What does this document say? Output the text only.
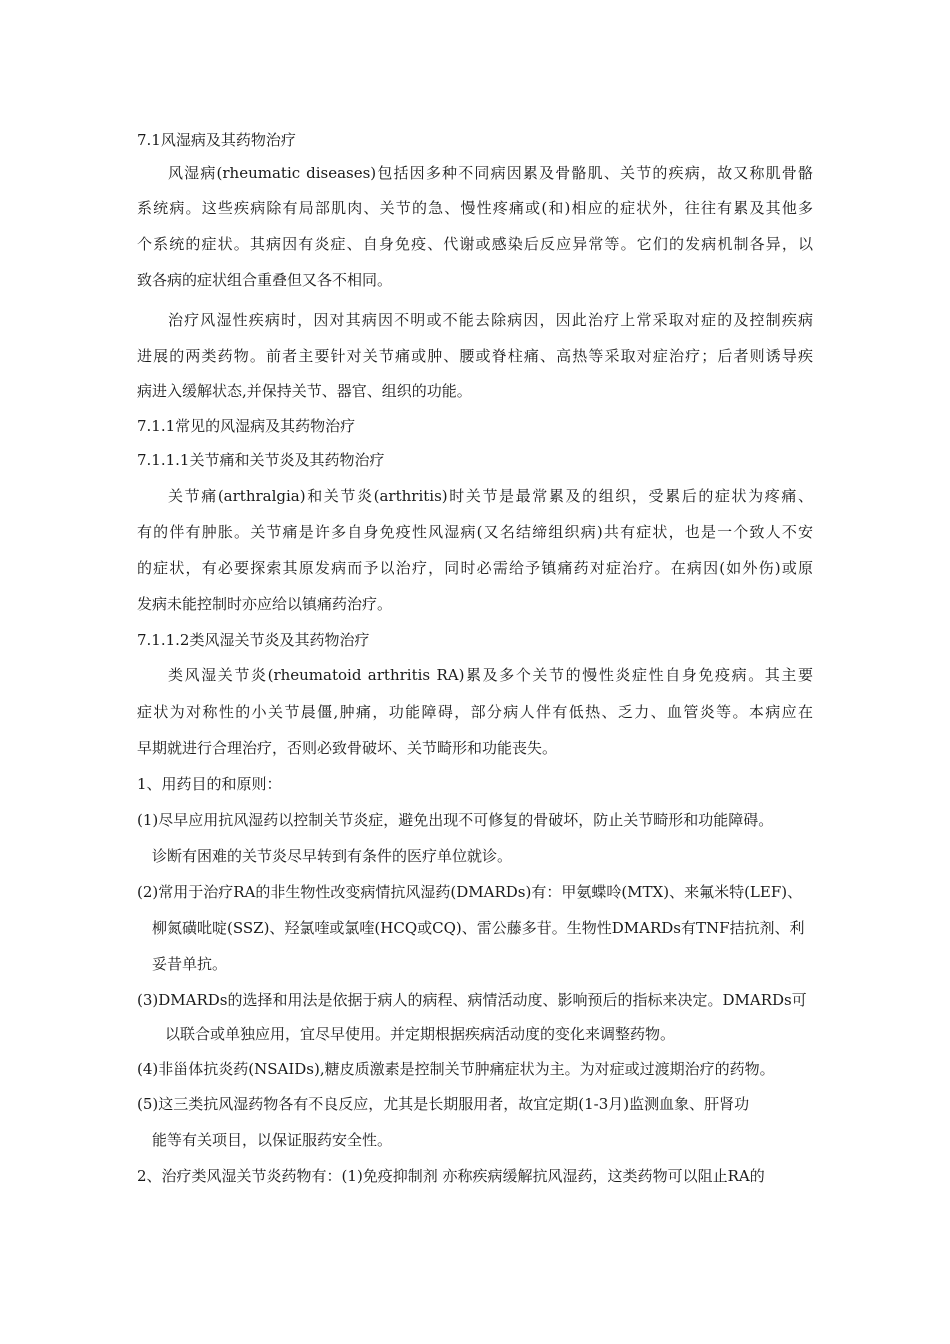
7.1风湿病及其药物治疗
风湿病(rheumatic diseases)包括因多种不同病因累及骨骼肌、关节的疾病，故又称肌骨骼
系统病。这些疾病除有局部肌肉、关节的急、慢性疼痛或(和)相应的症状外，往往有累及其他多
个系统的症状。其病因有炎症、自身免疫、代谢或感染后反应异常等。它们的发病机制各异，以
致各病的症状组合重叠但又各不相同。
治疗风湿性疾病时，因对其病因不明或不能去除病因，因此治疗上常采取对症的及控制疾病
进展的两类药物。前者主要针对关节痛或肿、腰或脊柱痛、高热等采取对症治疗；后者则诱导疾
病进入缓解状态,并保持关节、器官、组织的功能。
7.1.1常见的风湿病及其药物治疗
7.1.1.1关节痛和关节炎及其药物治疗
关节痛(arthralgia)和关节炎(arthritis)时关节是最常累及的组织，受累后的症状为疼痛、
有的伴有肿胀。关节痛是许多自身免疫性风湿病(又名结缔组织病)共有症状，也是一个致人不安
的症状，有必要探索其原发病而予以治疗，同时必需给予镇痛药对症治疗。在病因(如外伤)或原
发病未能控制时亦应给以镇痛药治疗。
7.1.1.2类风湿关节炎及其药物治疗
类风湿关节炎(rheumatoid arthritis RA)累及多个关节的慢性炎症性自身免疫病。其主要
症状为对称性的小关节晨僵,肿痛，功能障碍，部分病人伴有低热、乏力、血管炎等。本病应在
早期就进行合理治疗，否则必致骨破坏、关节畸形和功能丧失。
1、用药目的和原则：
(1)尽早应用抗风湿药以控制关节炎症，避免出现不可修复的骨破坏，防止关节畸形和功能障碍。
诊断有困难的关节炎尽早转到有条件的医疗单位就诊。
(2)常用于治疗RA的非生物性改变病情抗风湿药(DMARDs)有：甲氨蝶呤(MTX)、来氟米特(LEF)、
柳氮磺吡啶(SSZ)、羟氯喹或氯喹(HCQ或CQ)、雷公藤多苷。生物性DMARDs有TNF拮抗剂、利
妥昔单抗。
(3)DMARDs的选择和用法是依据于病人的病程、病情活动度、影响预后的指标来决定。DMARDs可
以联合或单独应用，宜尽早使用。并定期根据疾病活动度的变化来调整药物。
(4)非甾体抗炎药(NSAIDs),糖皮质激素是控制关节肿痛症状为主。为对症或过渡期治疗的药物。
(5)这三类抗风湿药物各有不良反应，尤其是长期服用者，故宜定期(1-3月)监测血象、肝肾功
能等有关项目，以保证服药安全性。
2、治疗类风湿关节炎药物有：(1)免疫抑制剂 亦称疾病缓解抗风湿药，这类药物可以阻止RA的
